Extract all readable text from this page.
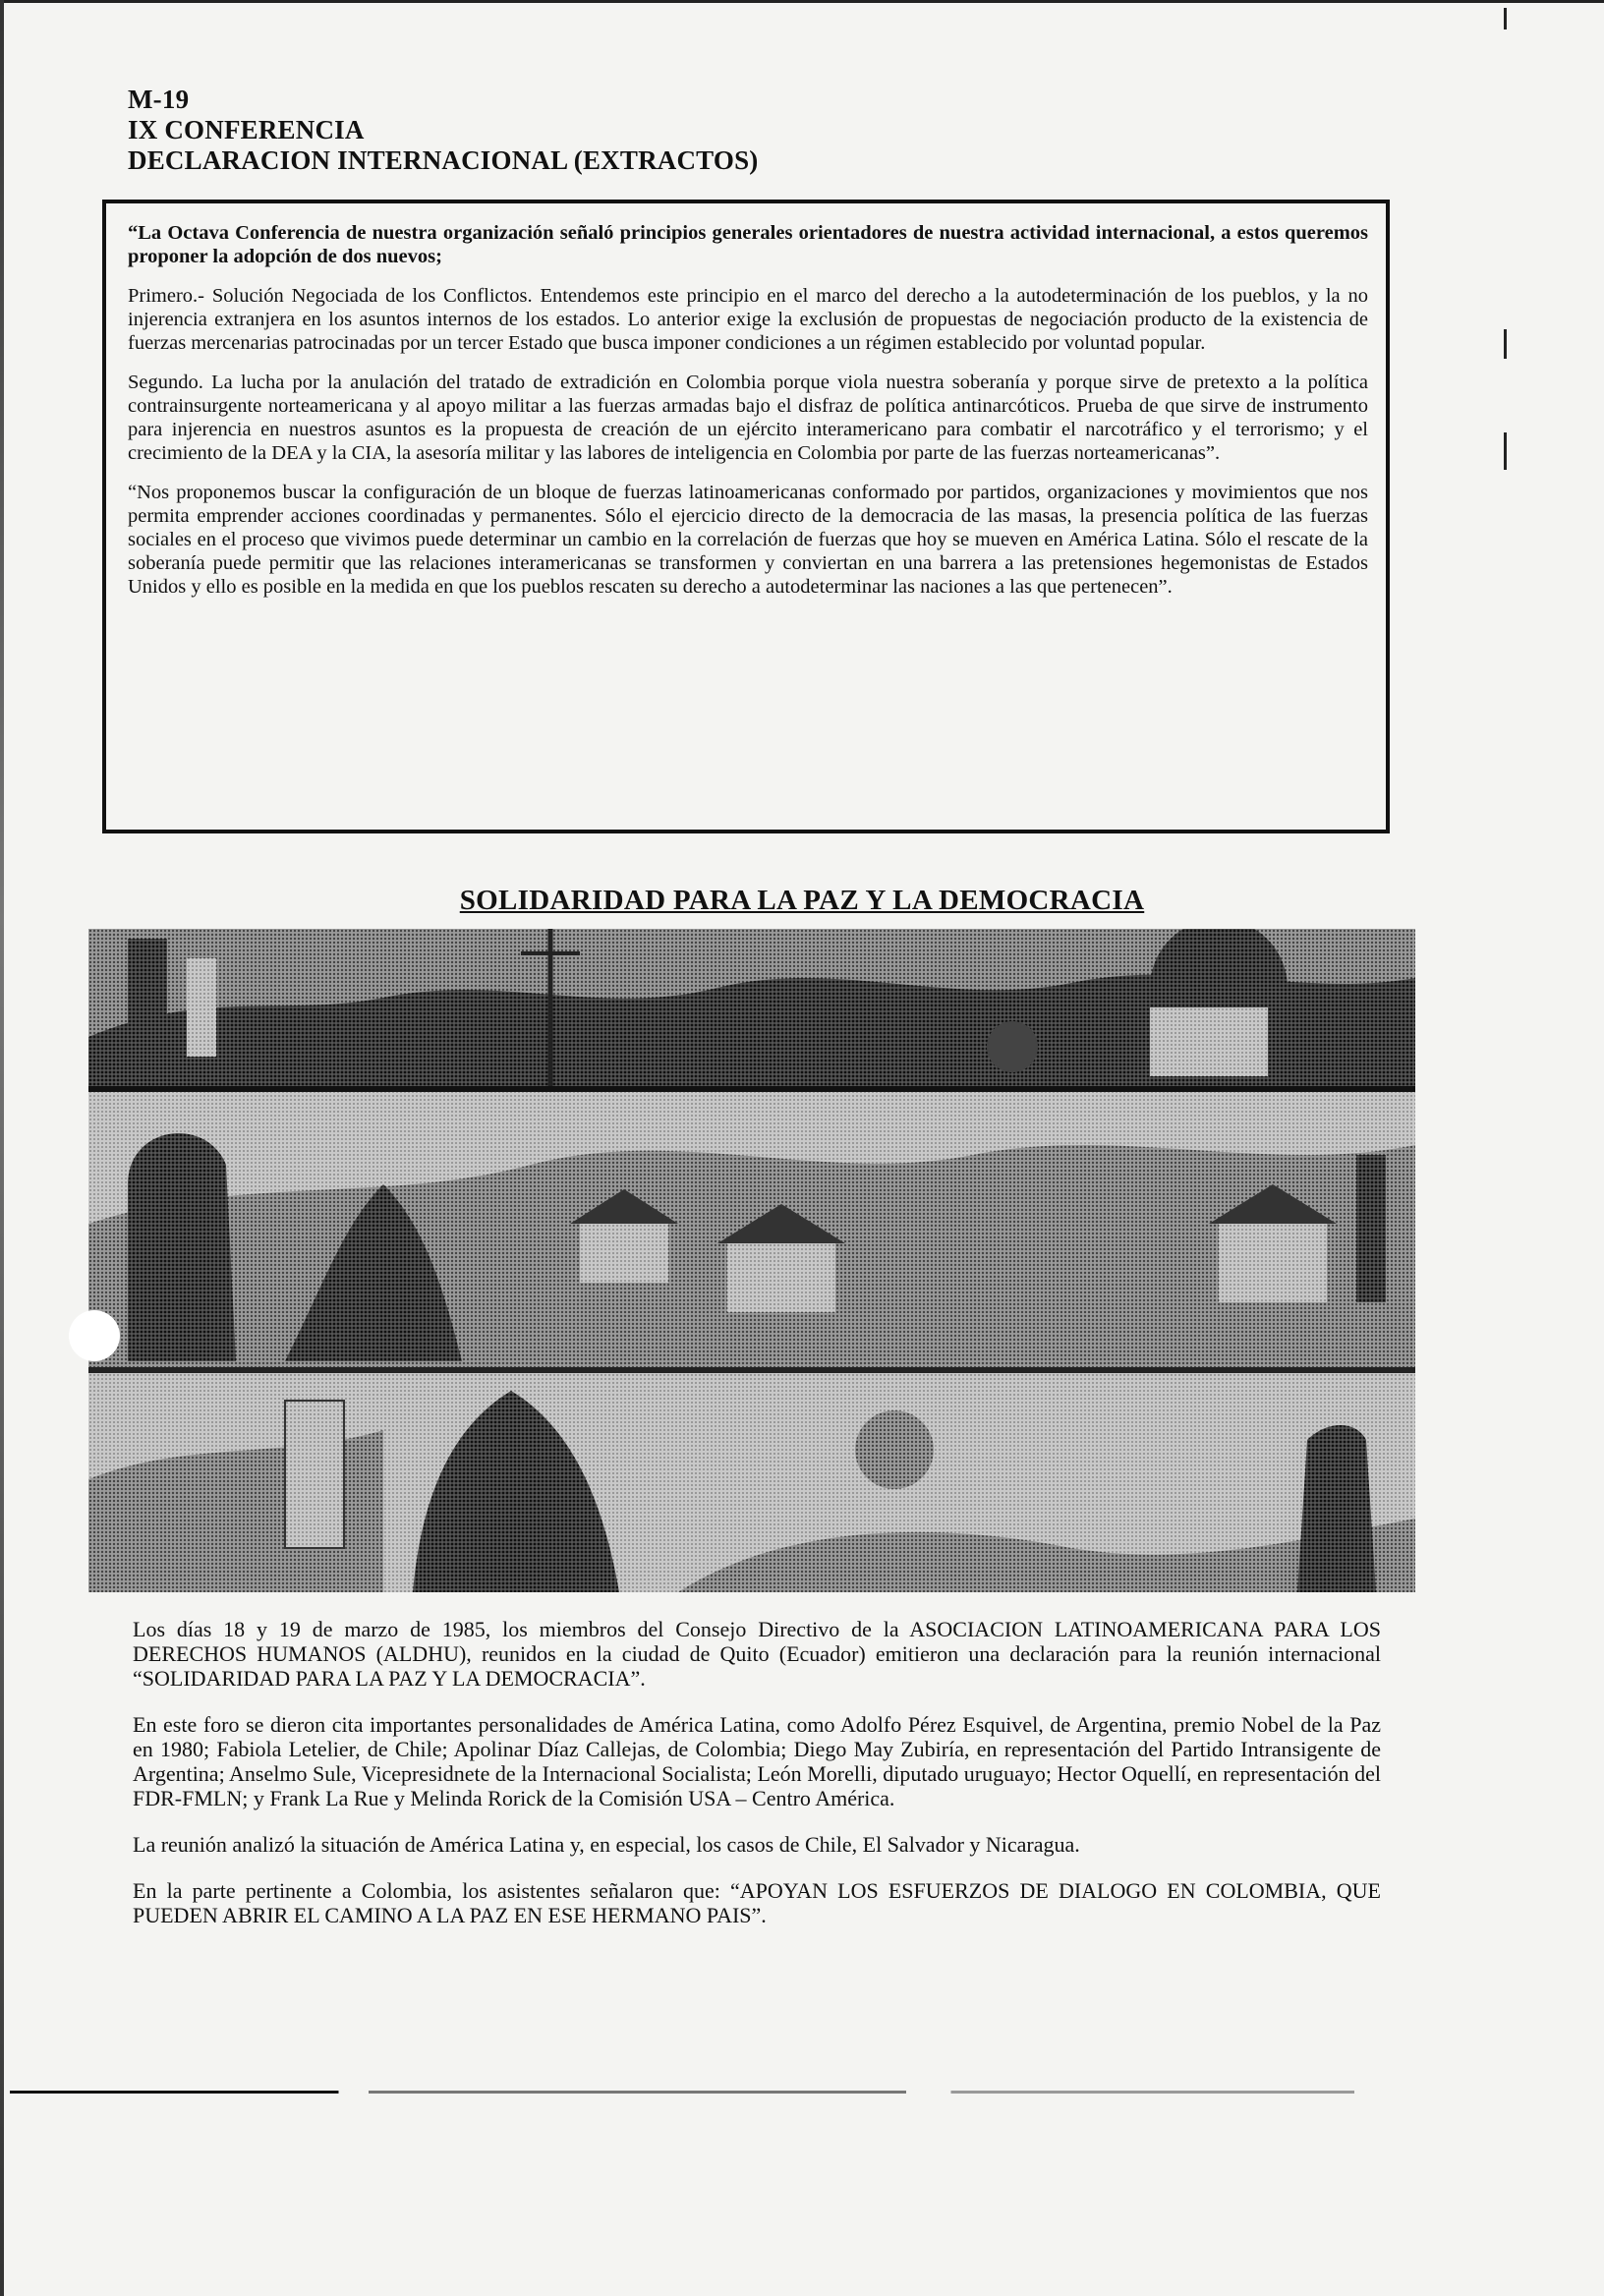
M-19
IX CONFERENCIA
DECLARACION INTERNACIONAL (EXTRACTOS)

“La Octava Conferencia de nuestra organización señaló principios generales orientadores de nuestra actividad internacional, a estos queremos proponer la adopción de dos nuevos;

Primero.- Solución Negociada de los Conflictos. Entendemos este principio en el marco del derecho a la autodeterminación de los pueblos, y la no injerencia extranjera en los asuntos internos de los estados. Lo anterior exige la exclusión de propuestas de negociación producto de la existencia de fuerzas mercenarias patrocinadas por un tercer Estado que busca imponer condiciones a un régimen establecido por voluntad popular.

Segundo. La lucha por la anulación del tratado de extradición en Colombia porque viola nuestra soberanía y porque sirve de pretexto a la política contrainsurgente norteamericana y al apoyo militar a las fuerzas armadas bajo el disfraz de política antinarcóticos. Prueba de que sirve de instrumento para injerencia en nuestros asuntos es la propuesta de creación de un ejército interamericano para combatir el narcotráfico y el terrorismo; y el crecimiento de la DEA y la CIA, la asesoría militar y las labores de inteligencia en Colombia por parte de las fuerzas norteamericanas”.

“Nos proponemos buscar la configuración de un bloque de fuerzas latinoamericanas conformado por partidos, organizaciones y movimientos que nos permita emprender acciones coordinadas y permanentes. Sólo el ejercicio directo de la democracia de las masas, la presencia política de las fuerzas sociales en el proceso que vivimos puede determinar un cambio en la correlación de fuerzas que hoy se mueven en América Latina. Sólo el rescate de la soberanía puede permitir que las relaciones interamericanas se transformen y conviertan en una barrera a las pretensiones hegemonistas de Estados Unidos y ello es posible en la medida en que los pueblos rescaten su derecho a autodeterminar las naciones a las que pertenecen”.

SOLIDARIDAD PARA LA PAZ Y LA DEMOCRACIA

Los días 18 y 19 de marzo de 1985, los miembros del Consejo Directivo de la ASOCIACION LATINOAMERICANA PARA LOS DERECHOS HUMANOS (ALDHU), reunidos en la ciudad de Quito (Ecuador) emitieron una declaración para la reunión internacional “SOLIDARIDAD PARA LA PAZ Y LA DEMOCRACIA”.

En este foro se dieron cita importantes personalidades de América Latina, como Adolfo Pérez Esquivel, de Argentina, premio Nobel de la Paz en 1980; Fabiola Letelier, de Chile; Apolinar Díaz Callejas, de Colombia; Diego May Zubiría, en representación del Partido Intransigente de Argentina; Anselmo Sule, Vicepresidnete de la Internacional Socialista; León Morelli, diputado uruguayo; Hector Oquellí, en representación del FDR-FMLN; y Frank La Rue y Melinda Rorick de la Comisión USA – Centro América.

La reunión analizó la situación de América Latina y, en especial, los casos de Chile, El Salvador y Nicaragua.

En la parte pertinente a Colombia, los asistentes señalaron que: “APOYAN LOS ESFUERZOS DE DIALOGO EN COLOMBIA, QUE PUEDEN ABRIR EL CAMINO A LA PAZ EN ESE HERMANO PAIS”.
